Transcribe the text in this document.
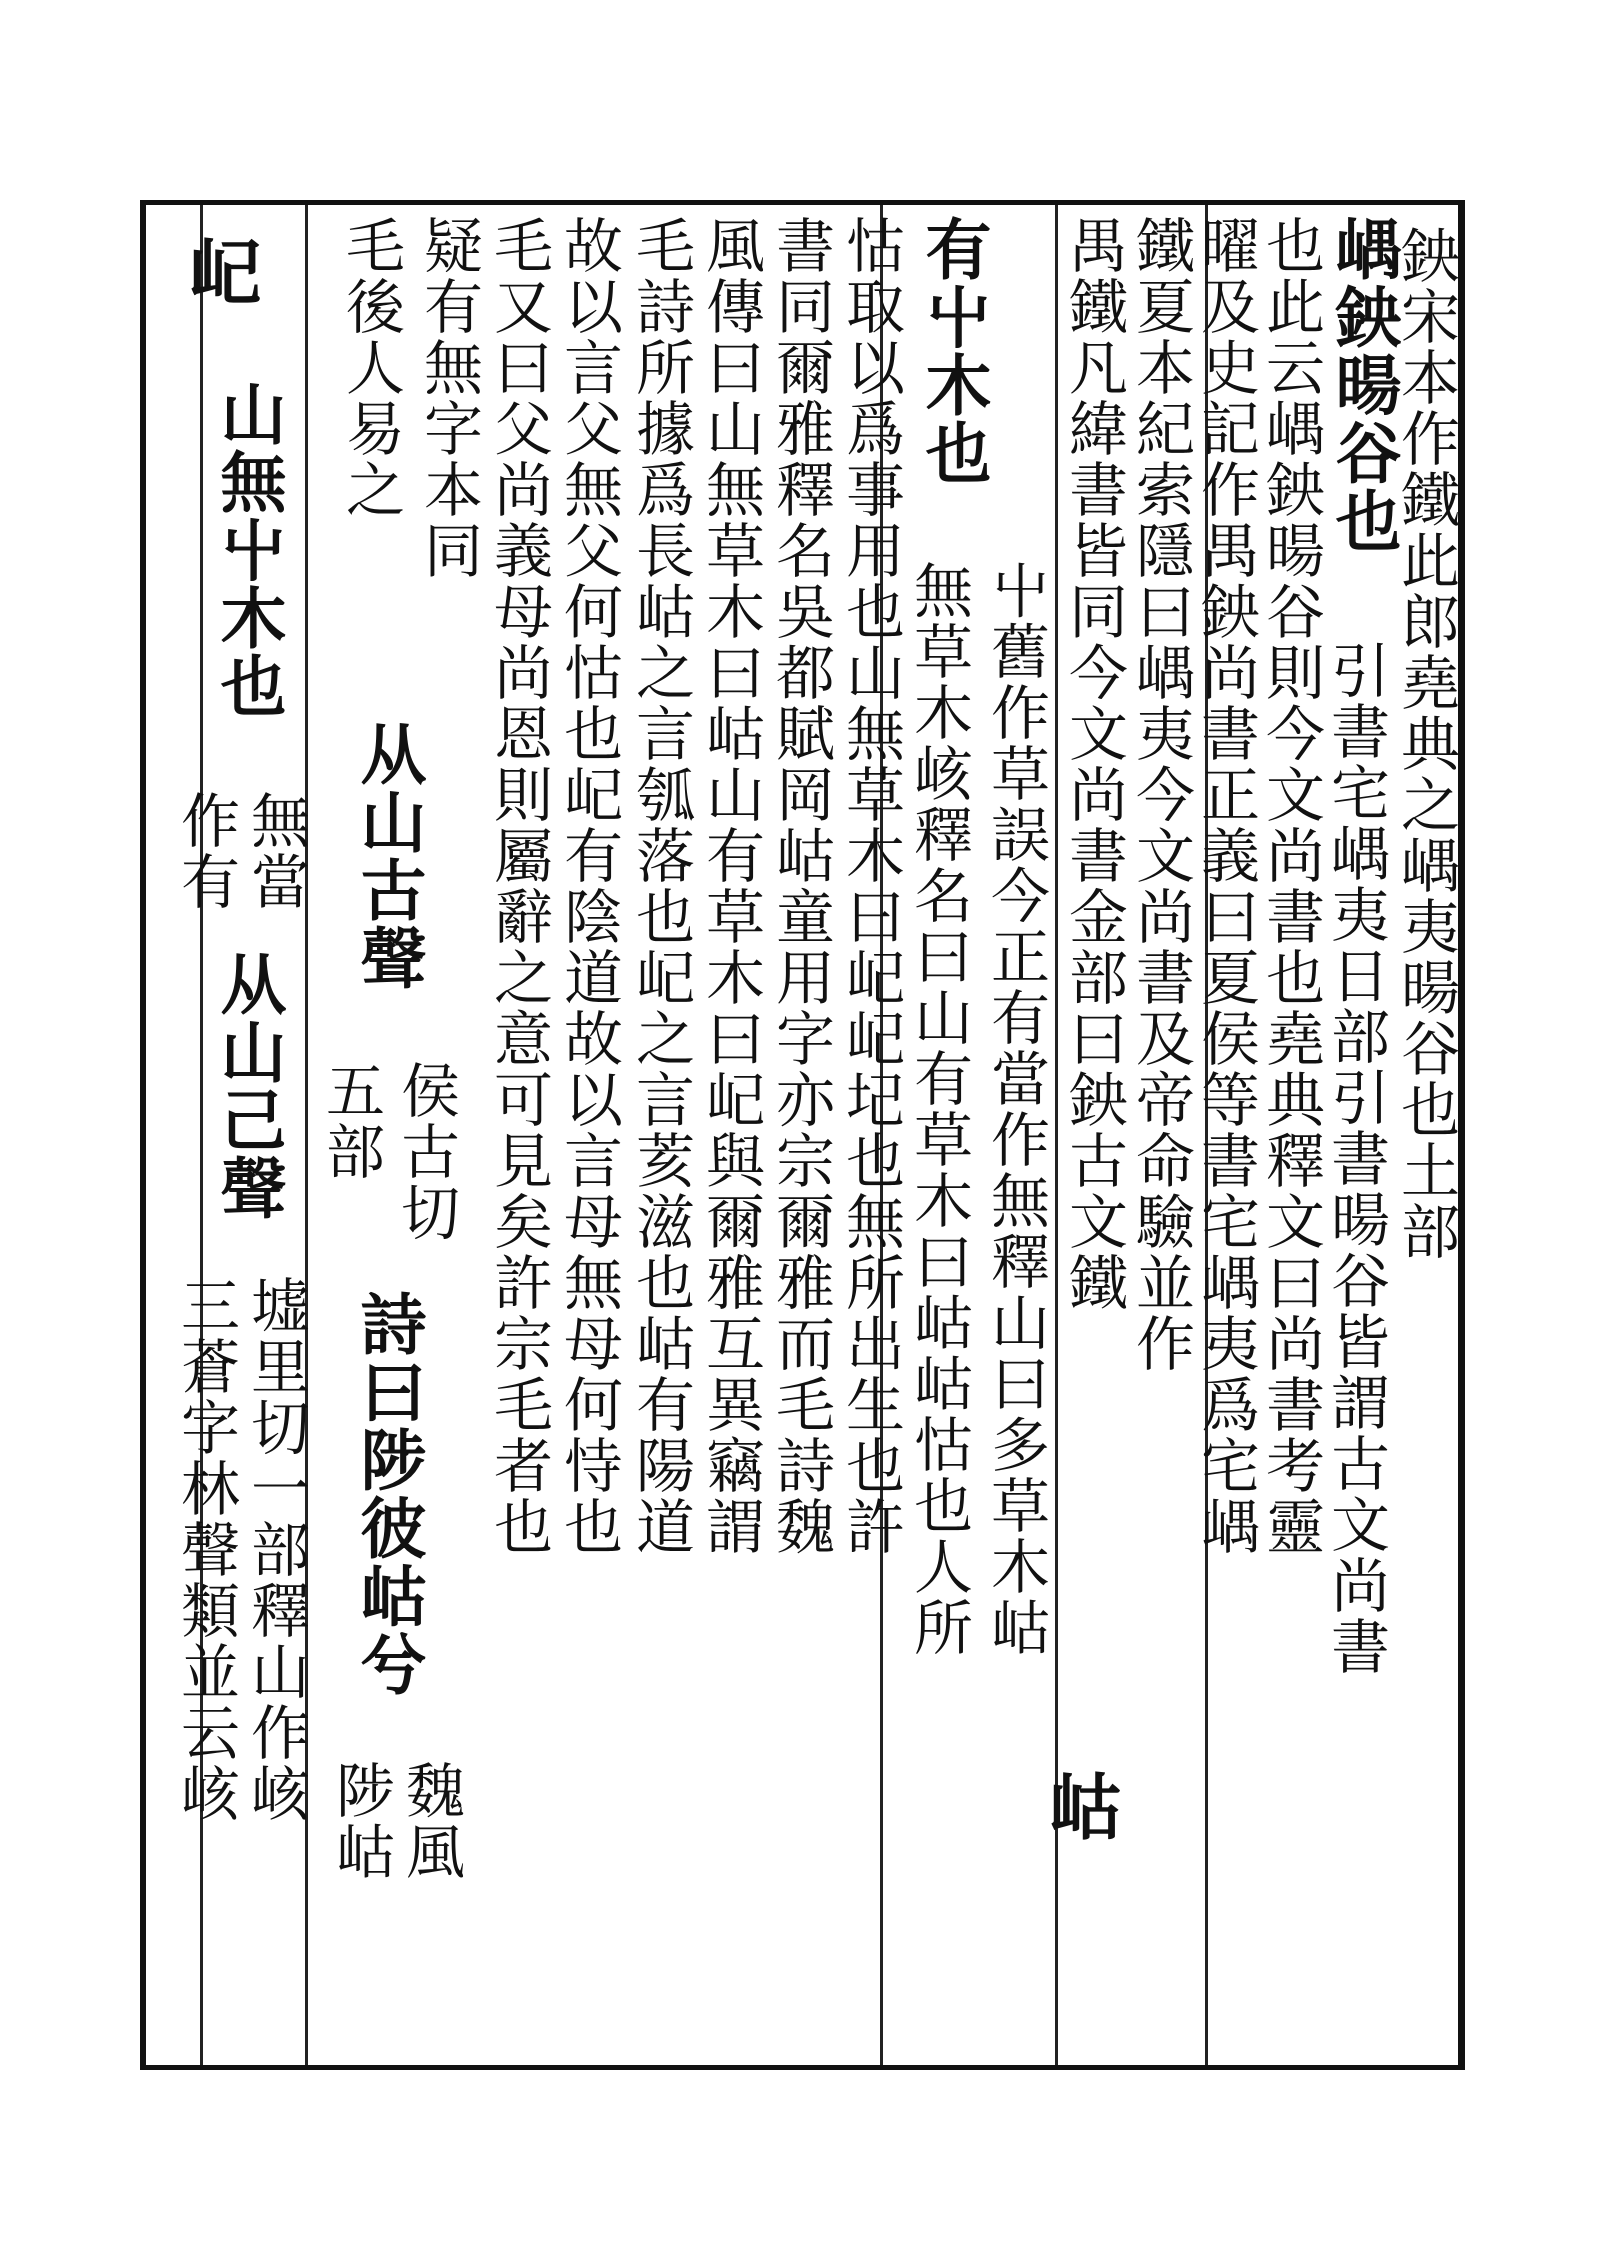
鉠宋本作鐵此郎堯典之嵎夷暘谷也土部
引書宅嵎夷日部引書暘谷皆謂古文尚書
嵎鉠暘谷也
也此云嵎鉠暘谷則今文尚書也堯典釋文曰尚書考靈
曜及史記作禺鉠尚書正義曰夏侯等書宅嵎夷爲宅嵎
鐵夏本紀索隱曰嵎夷今文尚書及帝命驗並作
禺鐵凡緯書皆同今文尚書金部曰鉠古文鐵
岵
有屮木也
屮舊作草誤今正有當作無釋山曰多草木岵
無草木峐釋名曰山有草木曰岵岵怙也人所
怙取以爲事用也山無草木曰屺屺圮也無所出生也許
書同爾雅釋名吳都賦岡岵童用字亦宗爾雅而毛詩魏
風傳曰山無草木曰岵山有草木曰屺與爾雅互異竊謂
毛詩所據爲長岵之言瓠落也屺之言荄滋也岵有陽道
故以言父無父何怙也屺有陰道故以言母無母何恃也
毛又曰父尚義母尚恩則屬辭之意可見矣許宗毛者也
疑有無字本同
毛後人易之
从山古聲
侯古切
五部
詩曰陟彼岵兮
魏風
陟岵
屺
山無屮木也
無當
作有
从山己聲
墟里切一部釋山作峐
三蒼字林聲類並云峐
